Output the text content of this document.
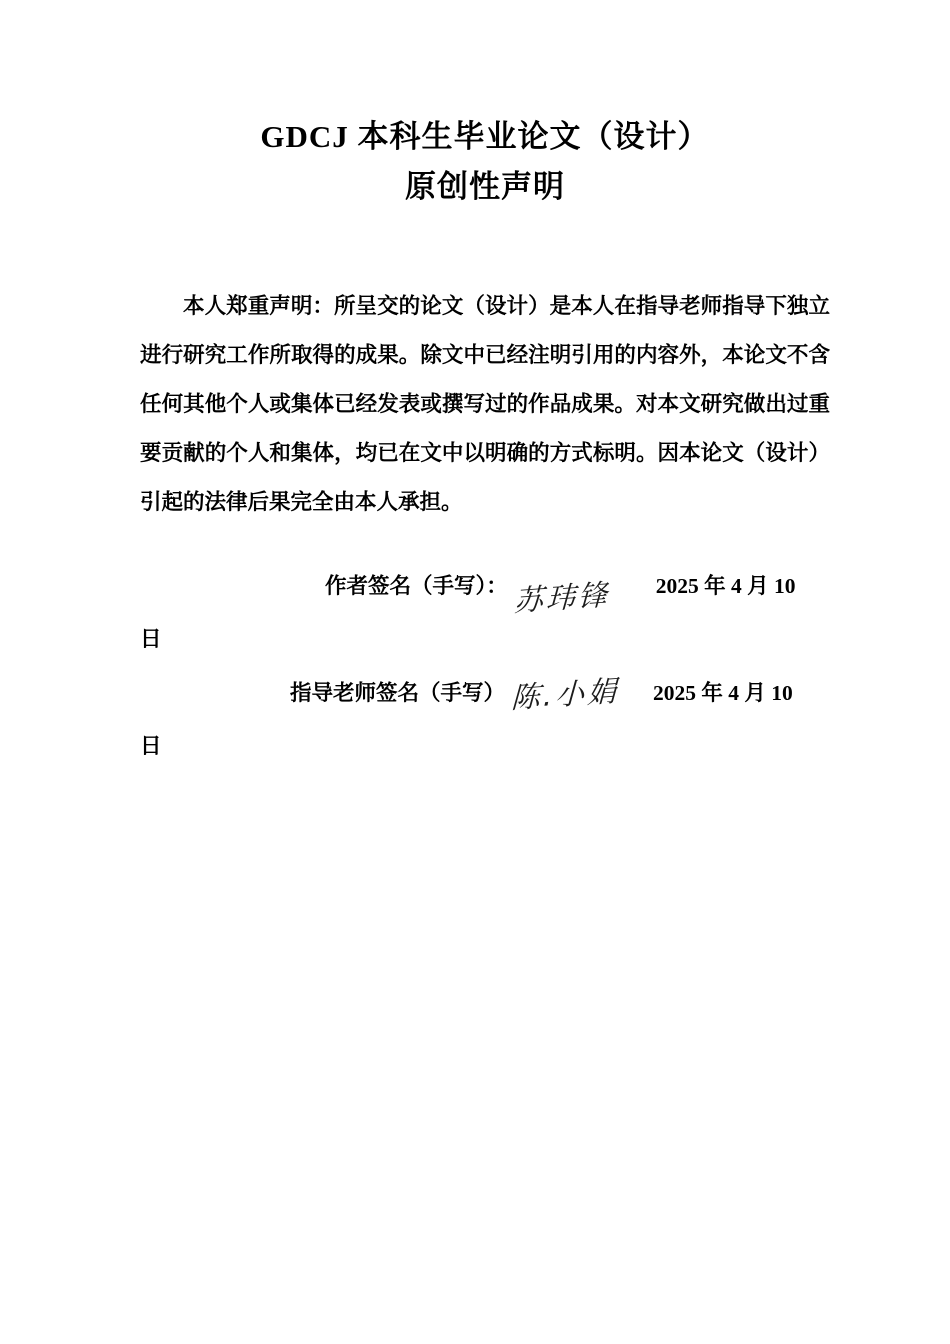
GDCJ 本科生毕业论文（设计）
原创性声明

本人郑重声明：所呈交的论文（设计）是本人在指导老师指导下独立进行研究工作所取得的成果。除文中已经注明引用的内容外，本论文不含任何其他个人或集体已经发表或撰写过的作品成果。对本文研究做出过重要贡献的个人和集体，均已在文中以明确的方式标明。因本论文（设计）引起的法律后果完全由本人承担。

作者签名（手写）： 苏玮锋 2025 年 4 月 10
日
指导老师签名（手写） 陈.小娟 2025 年 4 月 10
日
